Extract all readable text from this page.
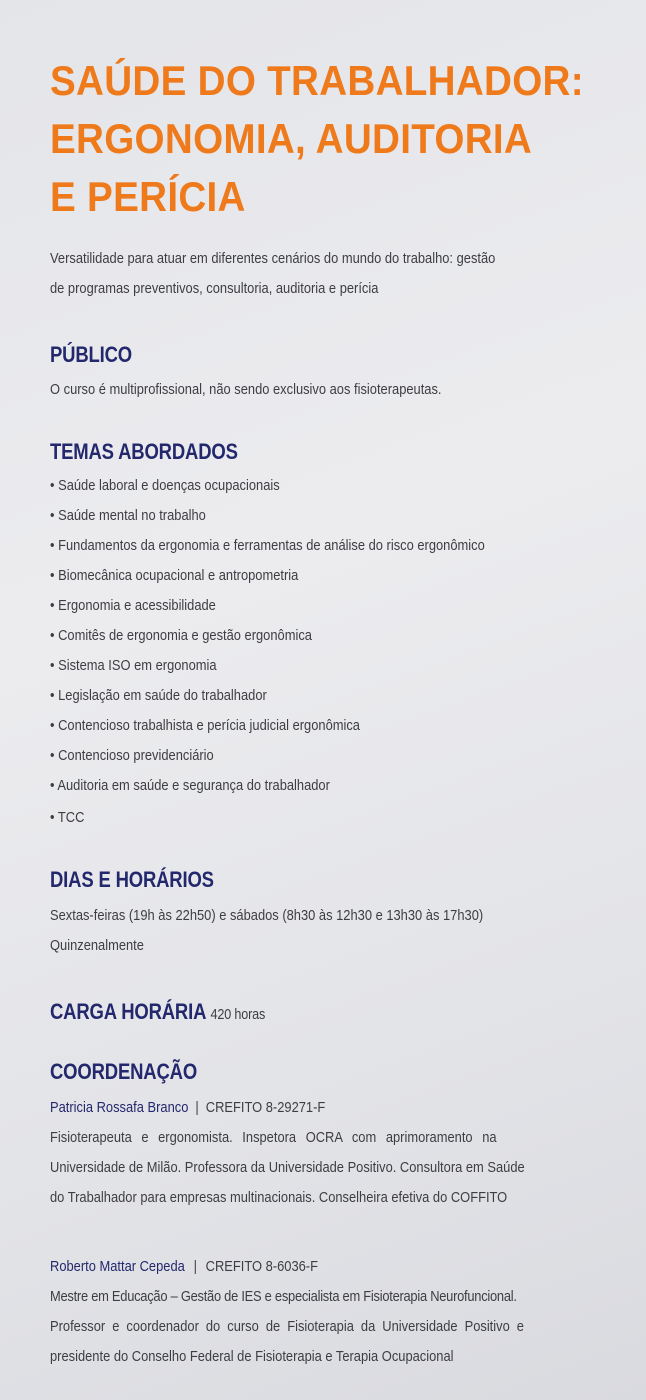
SAÚDE DO TRABALHADOR:
ERGONOMIA, AUDITORIA
E PERÍCIA
Versatilidade para atuar em diferentes cenários do mundo do trabalho: gestão
de programas preventivos, consultoria, auditoria e perícia
PÚBLICO
O curso é multiprofissional, não sendo exclusivo aos fisioterapeutas.
TEMAS ABORDADOS
• Saúde laboral e doenças ocupacionais
• Saúde mental no trabalho
• Fundamentos da ergonomia e ferramentas de análise do risco ergonômico
• Biomecânica ocupacional e antropometria
• Ergonomia e acessibilidade
• Comitês de ergonomia e gestão ergonômica
• Sistema ISO em ergonomia
• Legislação em saúde do trabalhador
• Contencioso trabalhista e perícia judicial ergonômica
• Contencioso previdenciário
• Auditoria em saúde e segurança do trabalhador
• TCC
DIAS E HORÁRIOS
Sextas-feiras (19h às 22h50) e sábados (8h30 às 12h30 e 13h30 às 17h30)
Quinzenalmente
CARGA HORÁRIA 420 horas
COORDENAÇÃO
Patricia Rossafa Branco | CREFITO 8-29271-F
Fisioterapeuta e ergonomista. Inspetora OCRA com aprimoramento na
Universidade de Milão. Professora da Universidade Positivo. Consultora em Saúde
do Trabalhador para empresas multinacionais. Conselheira efetiva do COFFITO
Roberto Mattar Cepeda | CREFITO 8-6036-F
Mestre em Educação – Gestão de IES e especialista em Fisioterapia Neurofuncional.
Professor e coordenador do curso de Fisioterapia da Universidade Positivo e
presidente do Conselho Federal de Fisioterapia e Terapia Ocupacional
